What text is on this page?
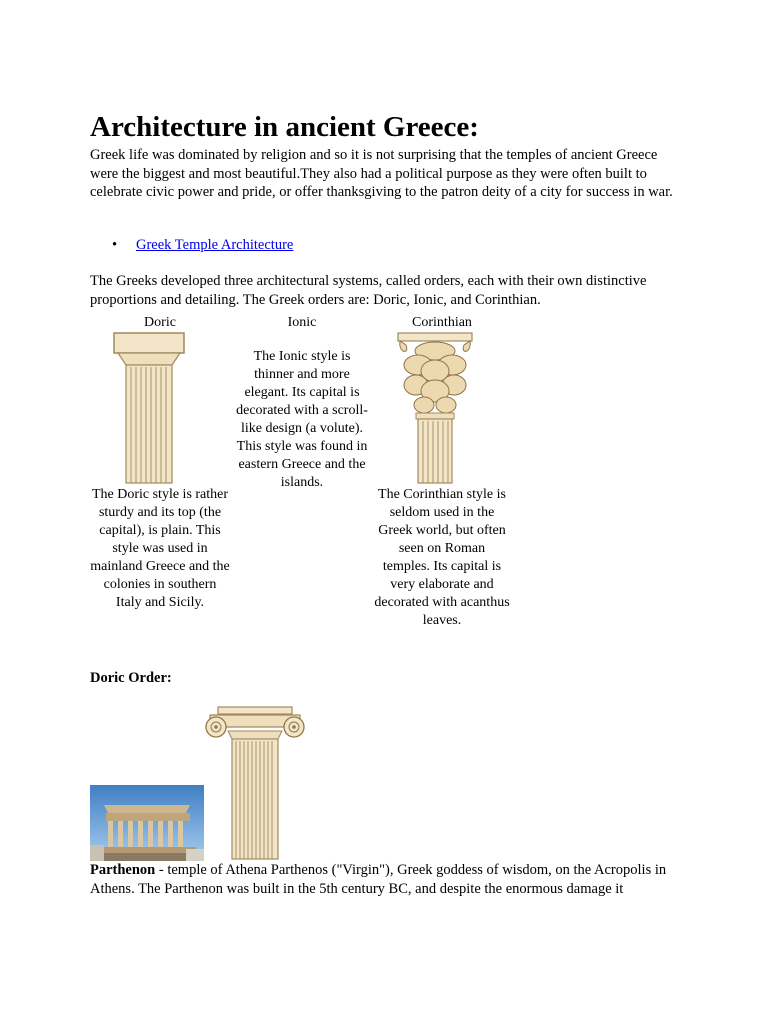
Architecture in ancient Greece:

Greek life was dominated by religion and so it is not surprising that the temples of ancient Greece were the biggest and most beautiful.They also had a political purpose as they were often built to celebrate civic power and pride, or offer thanksgiving to the patron deity of a city for success in war.

• Greek Temple Architecture

The Greeks developed three architectural systems, called orders, each with their own distinctive proportions and detailing. The Greek orders are: Doric, Ionic, and Corinthian.

Doric	Ionic	Corinthian
The Doric style is rather sturdy and its top (the capital), is plain. This style was used in mainland Greece and the colonies in southern Italy and Sicily.
The Ionic style is thinner and more elegant. Its capital is decorated with a scroll-like design (a volute). This style was found in eastern Greece and the islands.
The Corinthian style is seldom used in the Greek world, but often seen on Roman temples. Its capital is very elaborate and decorated with acanthus leaves.
Doric Order:

Parthenon - temple of Athena Parthenos ("Virgin"), Greek goddess of wisdom, on the Acropolis in Athens. The Parthenon was built in the 5th century BC, and despite the enormous damage it
